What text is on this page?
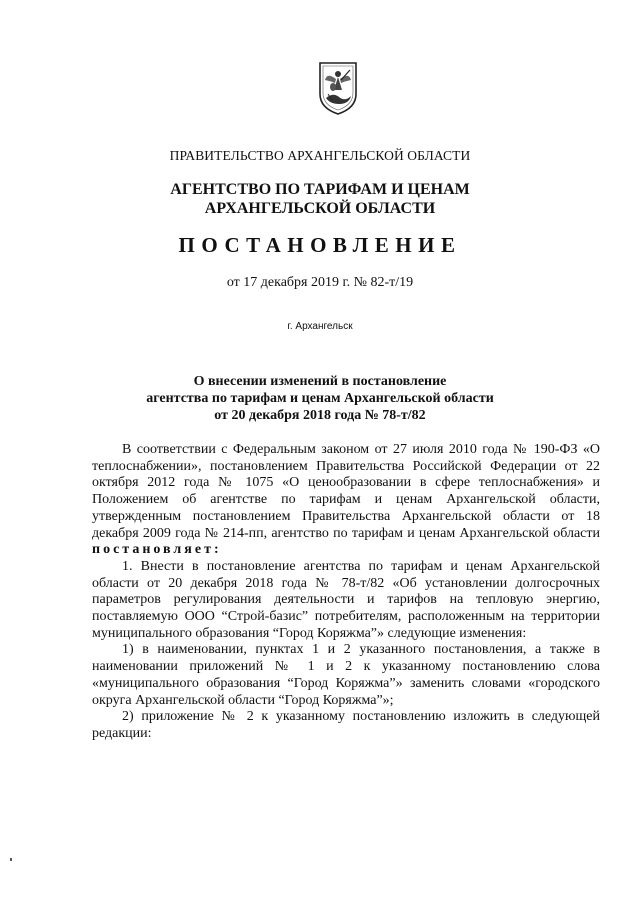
ПРАВИТЕЛЬСТВО АРХАНГЕЛЬСКОЙ ОБЛАСТИ
АГЕНТСТВО ПО ТАРИФАМ И ЦЕНАМ
АРХАНГЕЛЬСКОЙ ОБЛАСТИ
ПОСТАНОВЛЕНИЕ
от 17 декабря 2019 г. № 82-т/19
г. Архангельск
О внесении изменений в постановление
агентства по тарифам и ценам Архангельской области
от 20 декабря 2018 года № 78-т/82

В соответствии с Федеральным законом от 27 июля 2010 года № 190-ФЗ «О теплоснабжении», постановлением Правительства Российской Федерации от 22 октября 2012 года № 1075 «О ценообразовании в сфере теплоснабжения» и Положением об агентстве по тарифам и ценам Архангельской области, утвержденным постановлением Правительства Архангельской области от 18 декабря 2009 года № 214-пп, агентство по тарифам и ценам Архангельской области постановляет:

1. Внести в постановление агентства по тарифам и ценам Архангельской области от 20 декабря 2018 года № 78-т/82 «Об установлении долгосрочных параметров регулирования деятельности и тарифов на тепловую энергию, поставляемую ООО “Строй-базис” потребителям, расположенным на территории муниципального образования “Город Коряжма”» следующие изменения:

1) в наименовании, пунктах 1 и 2 указанного постановления, а также в наименовании приложений № 1 и 2 к указанному постановлению слова «муниципального образования “Город Коряжма”» заменить словами «городского округа Архангельской области “Город Коряжма”»;

2) приложение № 2 к указанному постановлению изложить в следующей редакции:
